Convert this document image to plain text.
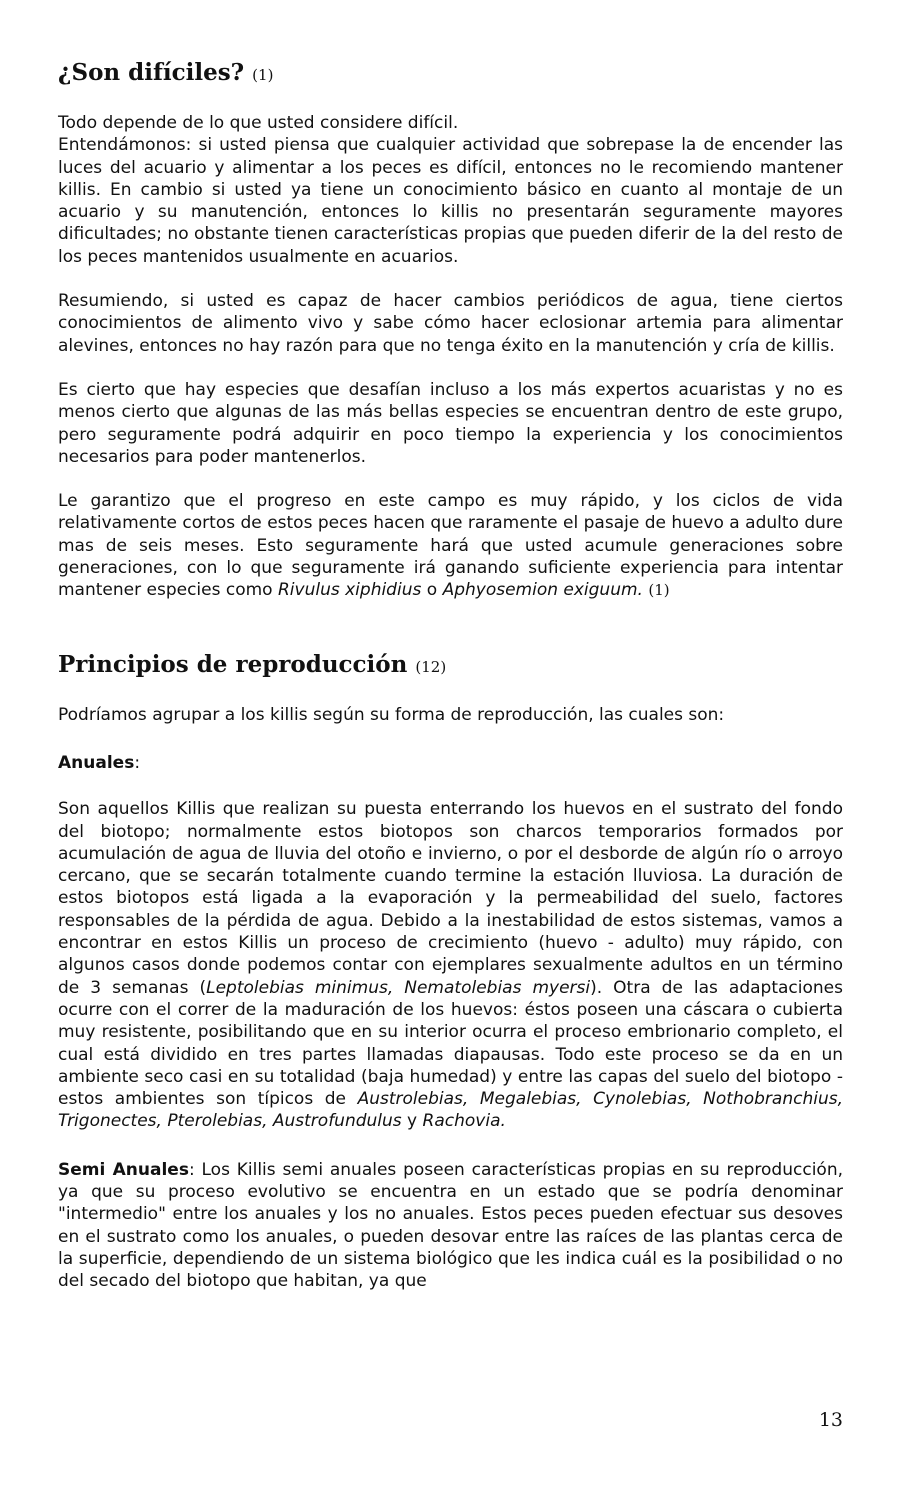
¿Son difíciles? (1)

Todo depende de lo que usted considere difícil.
Entendámonos: si usted piensa que cualquier actividad que sobrepase la de encender las luces del acuario y alimentar a los peces es difícil, entonces no le recomiendo mantener killis. En cambio si usted ya tiene un conocimiento básico en cuanto al montaje de un acuario y su manutención, entonces lo killis no presentarán seguramente mayores dificultades; no obstante tienen características propias que pueden diferir de la del resto de los peces mantenidos usualmente en acuarios.

Resumiendo, si usted es capaz de hacer cambios periódicos de agua, tiene ciertos conocimientos de alimento vivo y sabe cómo hacer eclosionar artemia para alimentar alevines, entonces no hay razón para que no tenga éxito en la manutención y cría de killis.

Es cierto que hay especies que desafían incluso a los más expertos acuaristas y no es menos cierto que algunas de las más bellas especies se encuentran dentro de este grupo, pero seguramente podrá adquirir en poco tiempo la experiencia y los conocimientos necesarios para poder mantenerlos.

Le garantizo que el progreso en este campo es muy rápido, y los ciclos de vida relativamente cortos de estos peces hacen que raramente el pasaje de huevo a adulto dure mas de seis meses. Esto seguramente hará que usted acumule generaciones sobre generaciones, con lo que seguramente irá ganando suficiente experiencia para intentar mantener especies como Rivulus xiphidius o Aphyosemion exiguum. (1)

Principios de reproducción (12)

Podríamos agrupar a los killis según su forma de reproducción, las cuales son:

Anuales:

Son aquellos Killis que realizan su puesta enterrando los huevos en el sustrato del fondo del biotopo; normalmente estos biotopos son charcos temporarios formados por acumulación de agua de lluvia del otoño e invierno, o por el desborde de algún río o arroyo cercano, que se secarán totalmente cuando termine la estación lluviosa. La duración de estos biotopos está ligada a la evaporación y la permeabilidad del suelo, factores responsables de la pérdida de agua. Debido a la inestabilidad de estos sistemas, vamos a encontrar en estos Killis un proceso de crecimiento (huevo - adulto) muy rápido, con algunos casos donde podemos contar con ejemplares sexualmente adultos en un término de 3 semanas (Leptolebias minimus, Nematolebias myersi). Otra de las adaptaciones ocurre con el correr de la maduración de los huevos: éstos poseen una cáscara o cubierta muy resistente, posibilitando que en su interior ocurra el proceso embrionario completo, el cual está dividido en tres partes llamadas diapausas. Todo este proceso se da en un ambiente seco casi en su totalidad (baja humedad) y entre las capas del suelo del biotopo -estos ambientes son típicos de Austrolebias, Megalebias, Cynolebias, Nothobranchius, Trigonectes, Pterolebias, Austrofundulus y Rachovia.

Semi Anuales: Los Killis semi anuales poseen características propias en su reproducción, ya que su proceso evolutivo se encuentra en un estado que se podría denominar "intermedio" entre los anuales y los no anuales. Estos peces pueden efectuar sus desoves en el sustrato como los anuales, o pueden desovar entre las raíces de las plantas cerca de la superficie, dependiendo de un sistema biológico que les indica cuál es la posibilidad o no del secado del biotopo que habitan, ya que

13
